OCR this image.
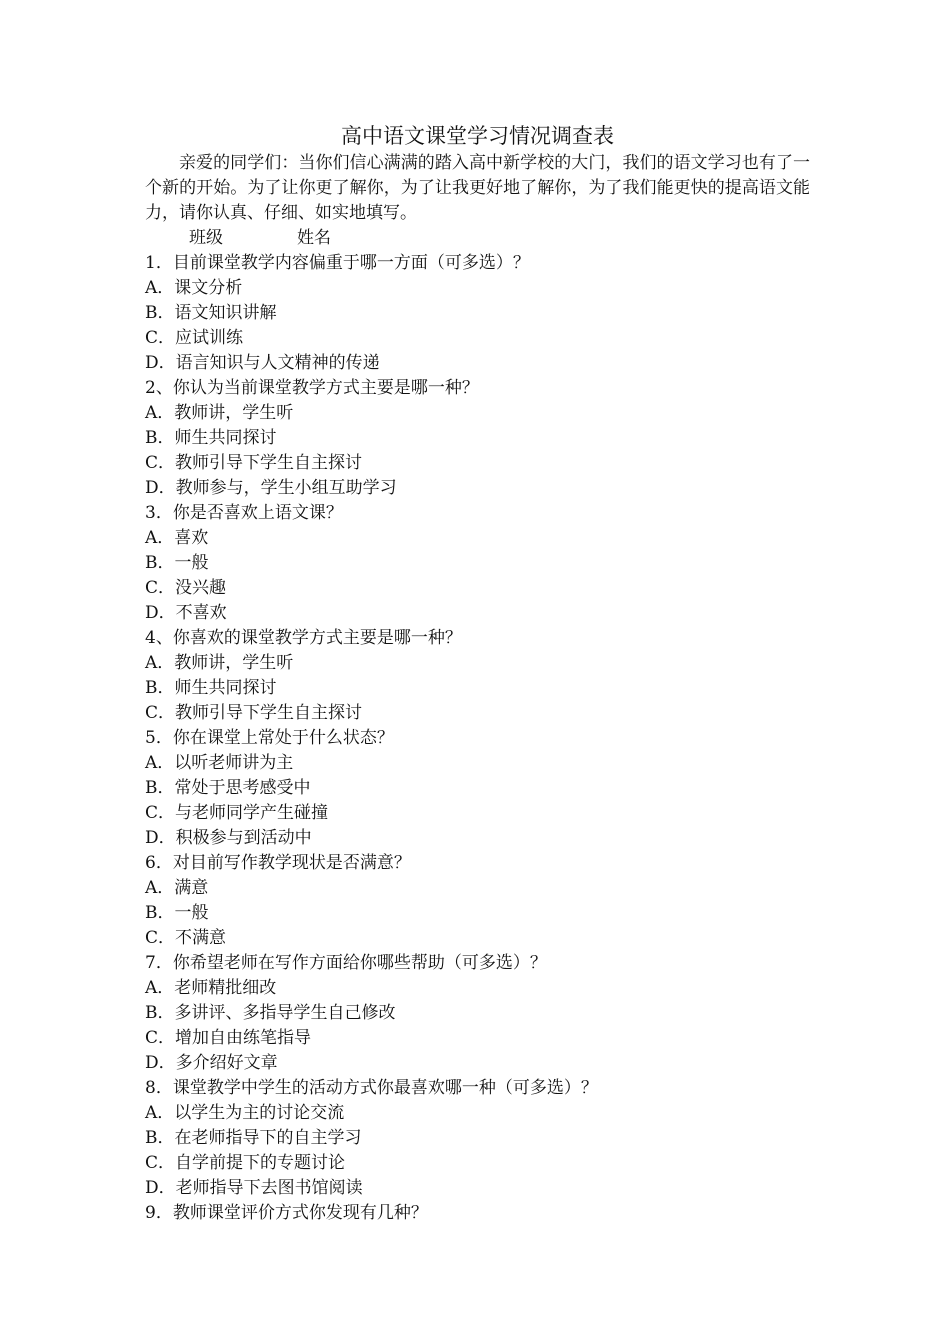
高中语文课堂学习情况调查表

亲爱的同学们：当你们信心满满的踏入高中新学校的大门，我们的语文学习也有了一个新的开始。为了让你更了解你，为了让我更好地了解你，为了我们能更快的提高语文能力，请你认真、仔细、如实地填写。

班级	姓名
1．目前课堂教学内容偏重于哪一方面（可多选）？
A．课文分析
B．语文知识讲解
C．应试训练
D．语言知识与人文精神的传递
2、你认为当前课堂教学方式主要是哪一种？
A．教师讲，学生听
B．师生共同探讨
C．教师引导下学生自主探讨
D．教师参与，学生小组互助学习
3．你是否喜欢上语文课？
A．喜欢
B．一般
C．没兴趣
D．不喜欢
4、你喜欢的课堂教学方式主要是哪一种？
A．教师讲，学生听
B．师生共同探讨
C．教师引导下学生自主探讨
5．你在课堂上常处于什么状态？
A．以听老师讲为主
B．常处于思考感受中
C．与老师同学产生碰撞
D．积极参与到活动中
6．对目前写作教学现状是否满意？
A．满意
B．一般
C．不满意
7．你希望老师在写作方面给你哪些帮助（可多选）？
A．老师精批细改
B．多讲评、多指导学生自己修改
C．增加自由练笔指导
D．多介绍好文章
8．课堂教学中学生的活动方式你最喜欢哪一种（可多选）？
A．以学生为主的讨论交流
B．在老师指导下的自主学习
C．自学前提下的专题讨论
D．老师指导下去图书馆阅读
9．教师课堂评价方式你发现有几种？
